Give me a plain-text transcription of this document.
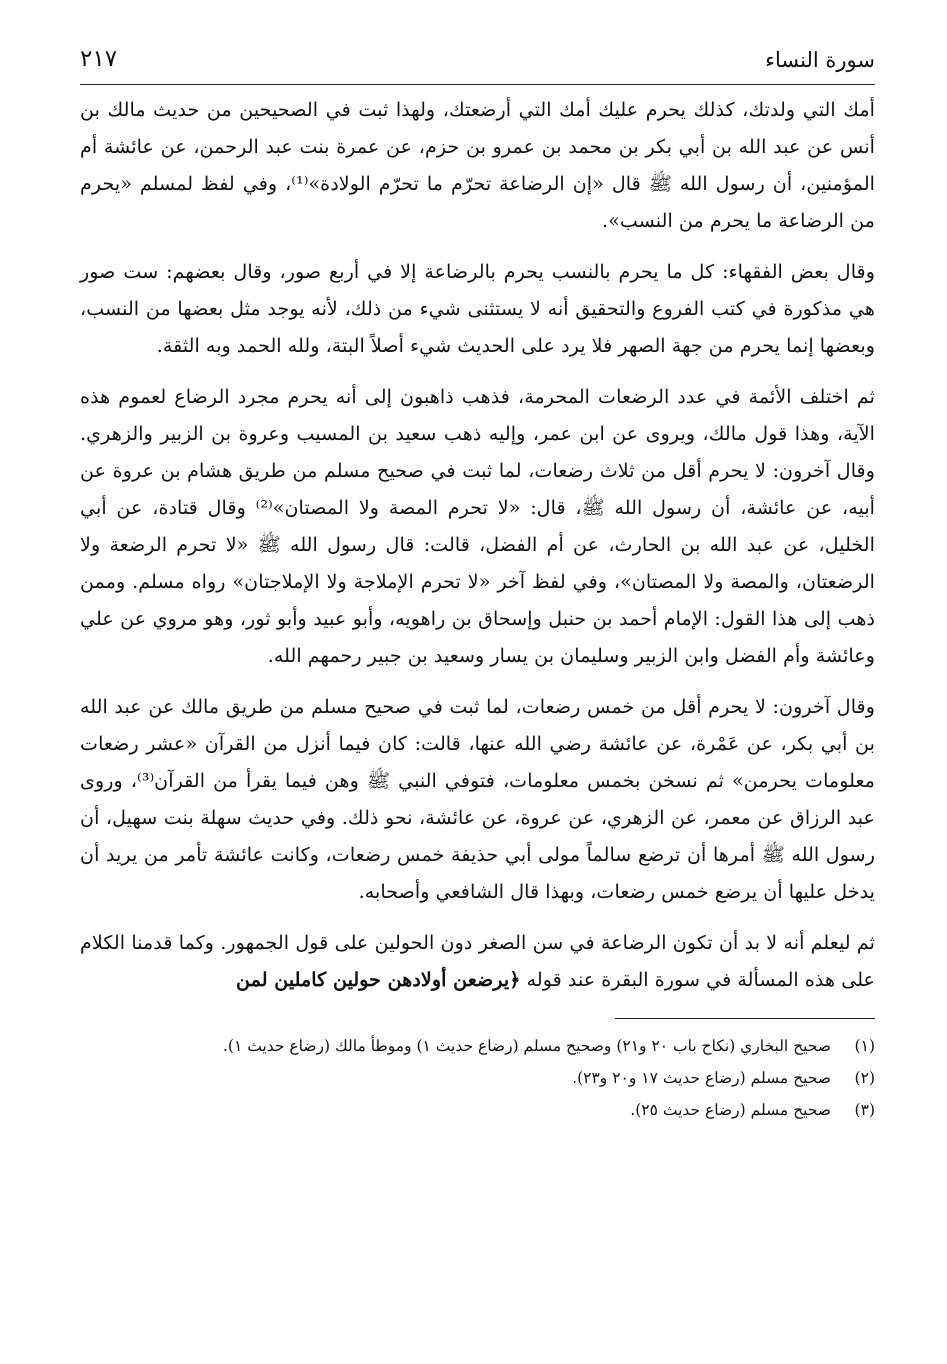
سورة النساء
٢١٧

أمك التي ولدتك، كذلك يحرم عليك أمك التي أرضعتك، ولهذا ثبت في الصحيحين من حديث مالك بن أنس عن عبد الله بن أبي بكر بن محمد بن عمرو بن حزم، عن عمرة بنت عبد الرحمن، عن عائشة أم المؤمنين، أن رسول الله ﷺ قال «إن الرضاعة تحرّم ما تحرّم الولادة»⁽¹⁾، وفي لفظ لمسلم «يحرم من الرضاعة ما يحرم من النسب».

وقال بعض الفقهاء: كل ما يحرم بالنسب يحرم بالرضاعة إلا في أربع صور، وقال بعضهم: ست صور هي مذكورة في كتب الفروع والتحقيق أنه لا يستثنى شيء من ذلك، لأنه يوجد مثل بعضها من النسب، وبعضها إنما يحرم من جهة الصهر فلا يرد على الحديث شيء أصلاً البتة، ولله الحمد وبه الثقة.

ثم اختلف الأئمة في عدد الرضعات المحرمة، فذهب ذاهبون إلى أنه يحرم مجرد الرضاع لعموم هذه الآية، وهذا قول مالك، ويروى عن ابن عمر، وإليه ذهب سعيد بن المسيب وعروة بن الزبير والزهري. وقال آخرون: لا يحرم أقل من ثلاث رضعات، لما ثبت في صحيح مسلم من طريق هشام بن عروة عن أبيه، عن عائشة، أن رسول الله ﷺ، قال: «لا تحرم المصة ولا المصتان»⁽²⁾ وقال قتادة، عن أبي الخليل، عن عبد الله بن الحارث، عن أم الفضل، قالت: قال رسول الله ﷺ «لا تحرم الرضعة ولا الرضعتان، والمصة ولا المصتان»، وفي لفظ آخر «لا تحرم الإملاجة ولا الإملاجتان» رواه مسلم. وممن ذهب إلى هذا القول: الإمام أحمد بن حنبل وإسحاق بن راهويه، وأبو عبيد وأبو ثور، وهو مروي عن علي وعائشة وأم الفضل وابن الزبير وسليمان بن يسار وسعيد بن جبير رحمهم الله.

وقال آخرون: لا يحرم أقل من خمس رضعات، لما ثبت في صحيح مسلم من طريق مالك عن عبد الله بن أبي بكر، عن عَمْرة، عن عائشة رضي الله عنها، قالت: كان فيما أنزل من القرآن «عشر رضعات معلومات يحرمن» ثم نسخن بخمس معلومات، فتوفي النبي ﷺ وهن فيما يقرأ من القرآن⁽³⁾، وروى عبد الرزاق عن معمر، عن الزهري، عن عروة، عن عائشة، نحو ذلك. وفي حديث سهلة بنت سهيل، أن رسول الله ﷺ أمرها أن ترضع سالماً مولى أبي حذيفة خمس رضعات، وكانت عائشة تأمر من يريد أن يدخل عليها أن يرضع خمس رضعات، وبهذا قال الشافعي وأصحابه.

ثم ليعلم أنه لا بد أن تكون الرضاعة في سن الصغر دون الحولين على قول الجمهور. وكما قدمنا الكلام على هذه المسألة في سورة البقرة عند قوله ﴿يرضعن أولادهن حولين كاملين لمن

(١)
صحيح البخاري (نكاح باب ٢٠ و٢١) وصحيح مسلم (رضاع حديث ١) وموطأ مالك (رضاع حديث ١).
(٢)
صحيح مسلم (رضاع حديث ١٧ و٢٠ و٢٣).
(٣)
صحيح مسلم (رضاع حديث ٢٥).
